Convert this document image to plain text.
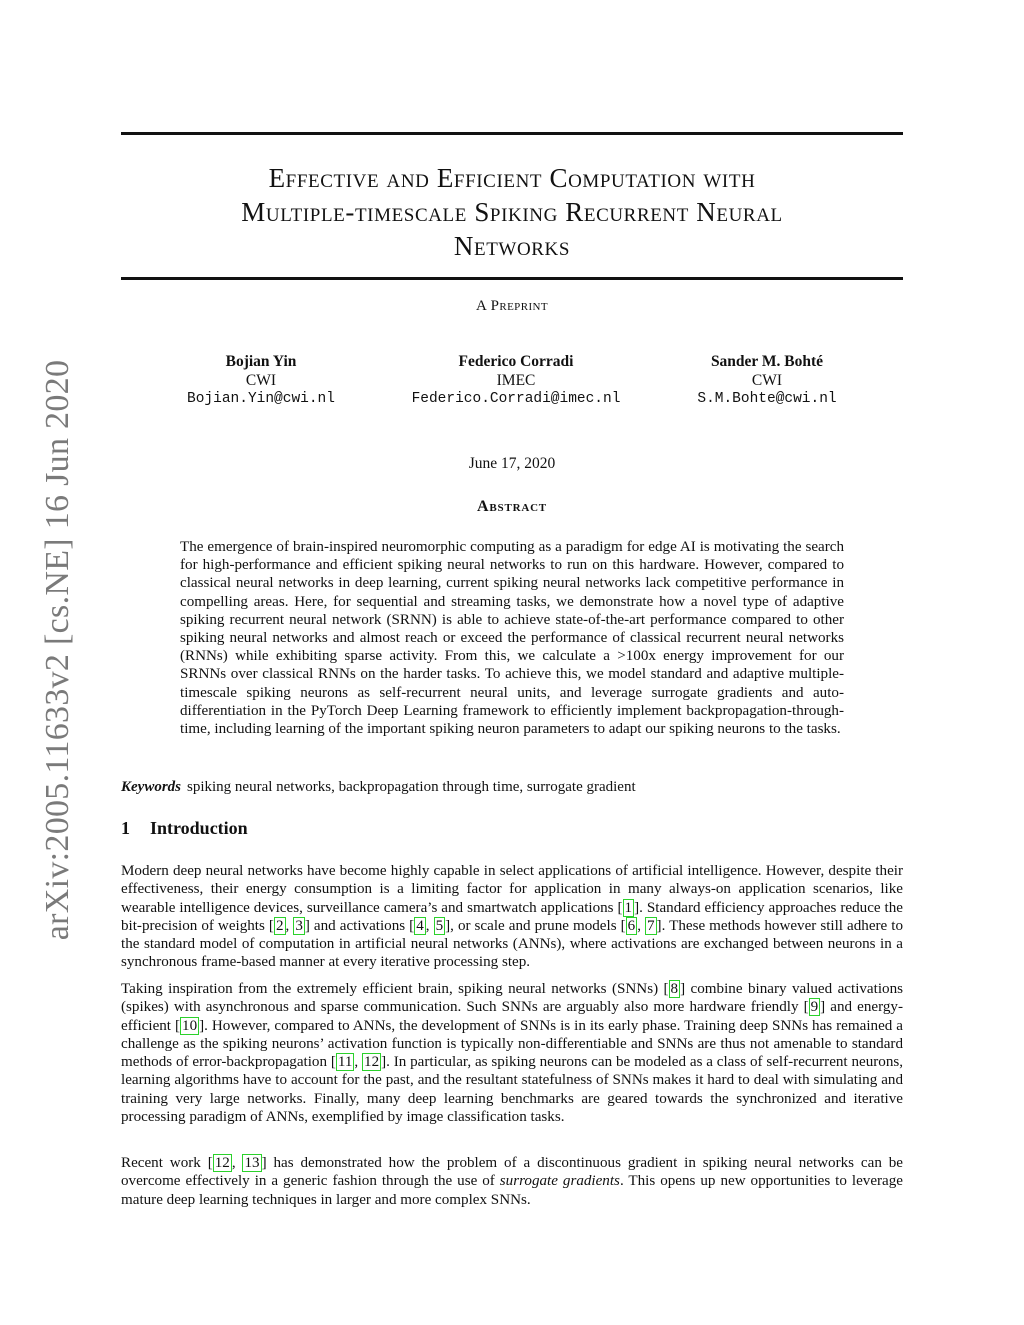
arXiv:2005.11633v2 [cs.NE] 16 Jun 2020
Effective and Efficient Computation with
Multiple-timescale Spiking Recurrent Neural
Networks
A Preprint
Bojian Yin
CWI
Bojian.Yin@cwi.nl
Federico Corradi
IMEC
Federico.Corradi@imec.nl
Sander M. Bohté
CWI
S.M.Bohte@cwi.nl
June 17, 2020
Abstract
The emergence of brain-inspired neuromorphic computing as a paradigm for edge AI is motivating the search for high-performance and efficient spiking neural networks to run on this hardware. However, compared to classical neural networks in deep learning, current spiking neural networks lack competitive performance in compelling areas. Here, for sequential and streaming tasks, we demonstrate how a novel type of adaptive spiking recurrent neural network (SRNN) is able to achieve state-of-the-art performance compared to other spiking neural networks and almost reach or exceed the performance of classical recurrent neural networks (RNNs) while exhibiting sparse activity. From this, we calculate a >100x energy improvement for our SRNNs over classical RNNs on the harder tasks. To achieve this, we model standard and adaptive multiple-timescale spiking neurons as self-recurrent neural units, and leverage surrogate gradients and auto-differentiation in the PyTorch Deep Learning framework to efficiently implement backpropagation-through-time, including learning of the important spiking neuron parameters to adapt our spiking neurons to the tasks.
Keywords spiking neural networks, backpropagation through time, surrogate gradient
1 Introduction

Modern deep neural networks have become highly capable in select applications of artificial intelligence. However, despite their effectiveness, their energy consumption is a limiting factor for application in many always-on application scenarios, like wearable intelligence devices, surveillance camera’s and smartwatch applications [ 1 ]. Standard efficiency approaches reduce the bit-precision of weights [ 2 , 3 ] and activations [ 4 , 5 ], or scale and prune models [ 6 , 7 ]. These methods however still adhere to the standard model of computation in artificial neural networks (ANNs), where activations are exchanged between neurons in a synchronous frame-based manner at every iterative processing step.

Taking inspiration from the extremely efficient brain, spiking neural networks (SNNs) [ 8 ] combine binary valued activations (spikes) with asynchronous and sparse communication. Such SNNs are arguably also more hardware friendly [ 9 ] and energy-efficient [ 10 ]. However, compared to ANNs, the development of SNNs is in its early phase. Training deep SNNs has remained a challenge as the spiking neurons’ activation function is typically non-differentiable and SNNs are thus not amenable to standard methods of error-backpropagation [ 11 , 12 ]. In particular, as spiking neurons can be modeled as a class of self-recurrent neurons, learning algorithms have to account for the past, and the resultant statefulness of SNNs makes it hard to deal with simulating and training very large networks. Finally, many deep learning benchmarks are geared towards the synchronized and iterative processing paradigm of ANNs, exemplified by image classification tasks.

Recent work [ 12 , 13 ] has demonstrated how the problem of a discontinuous gradient in spiking neural networks can be overcome effectively in a generic fashion through the use of surrogate gradients. This opens up new opportunities to leverage mature deep learning techniques in larger and more complex SNNs.
